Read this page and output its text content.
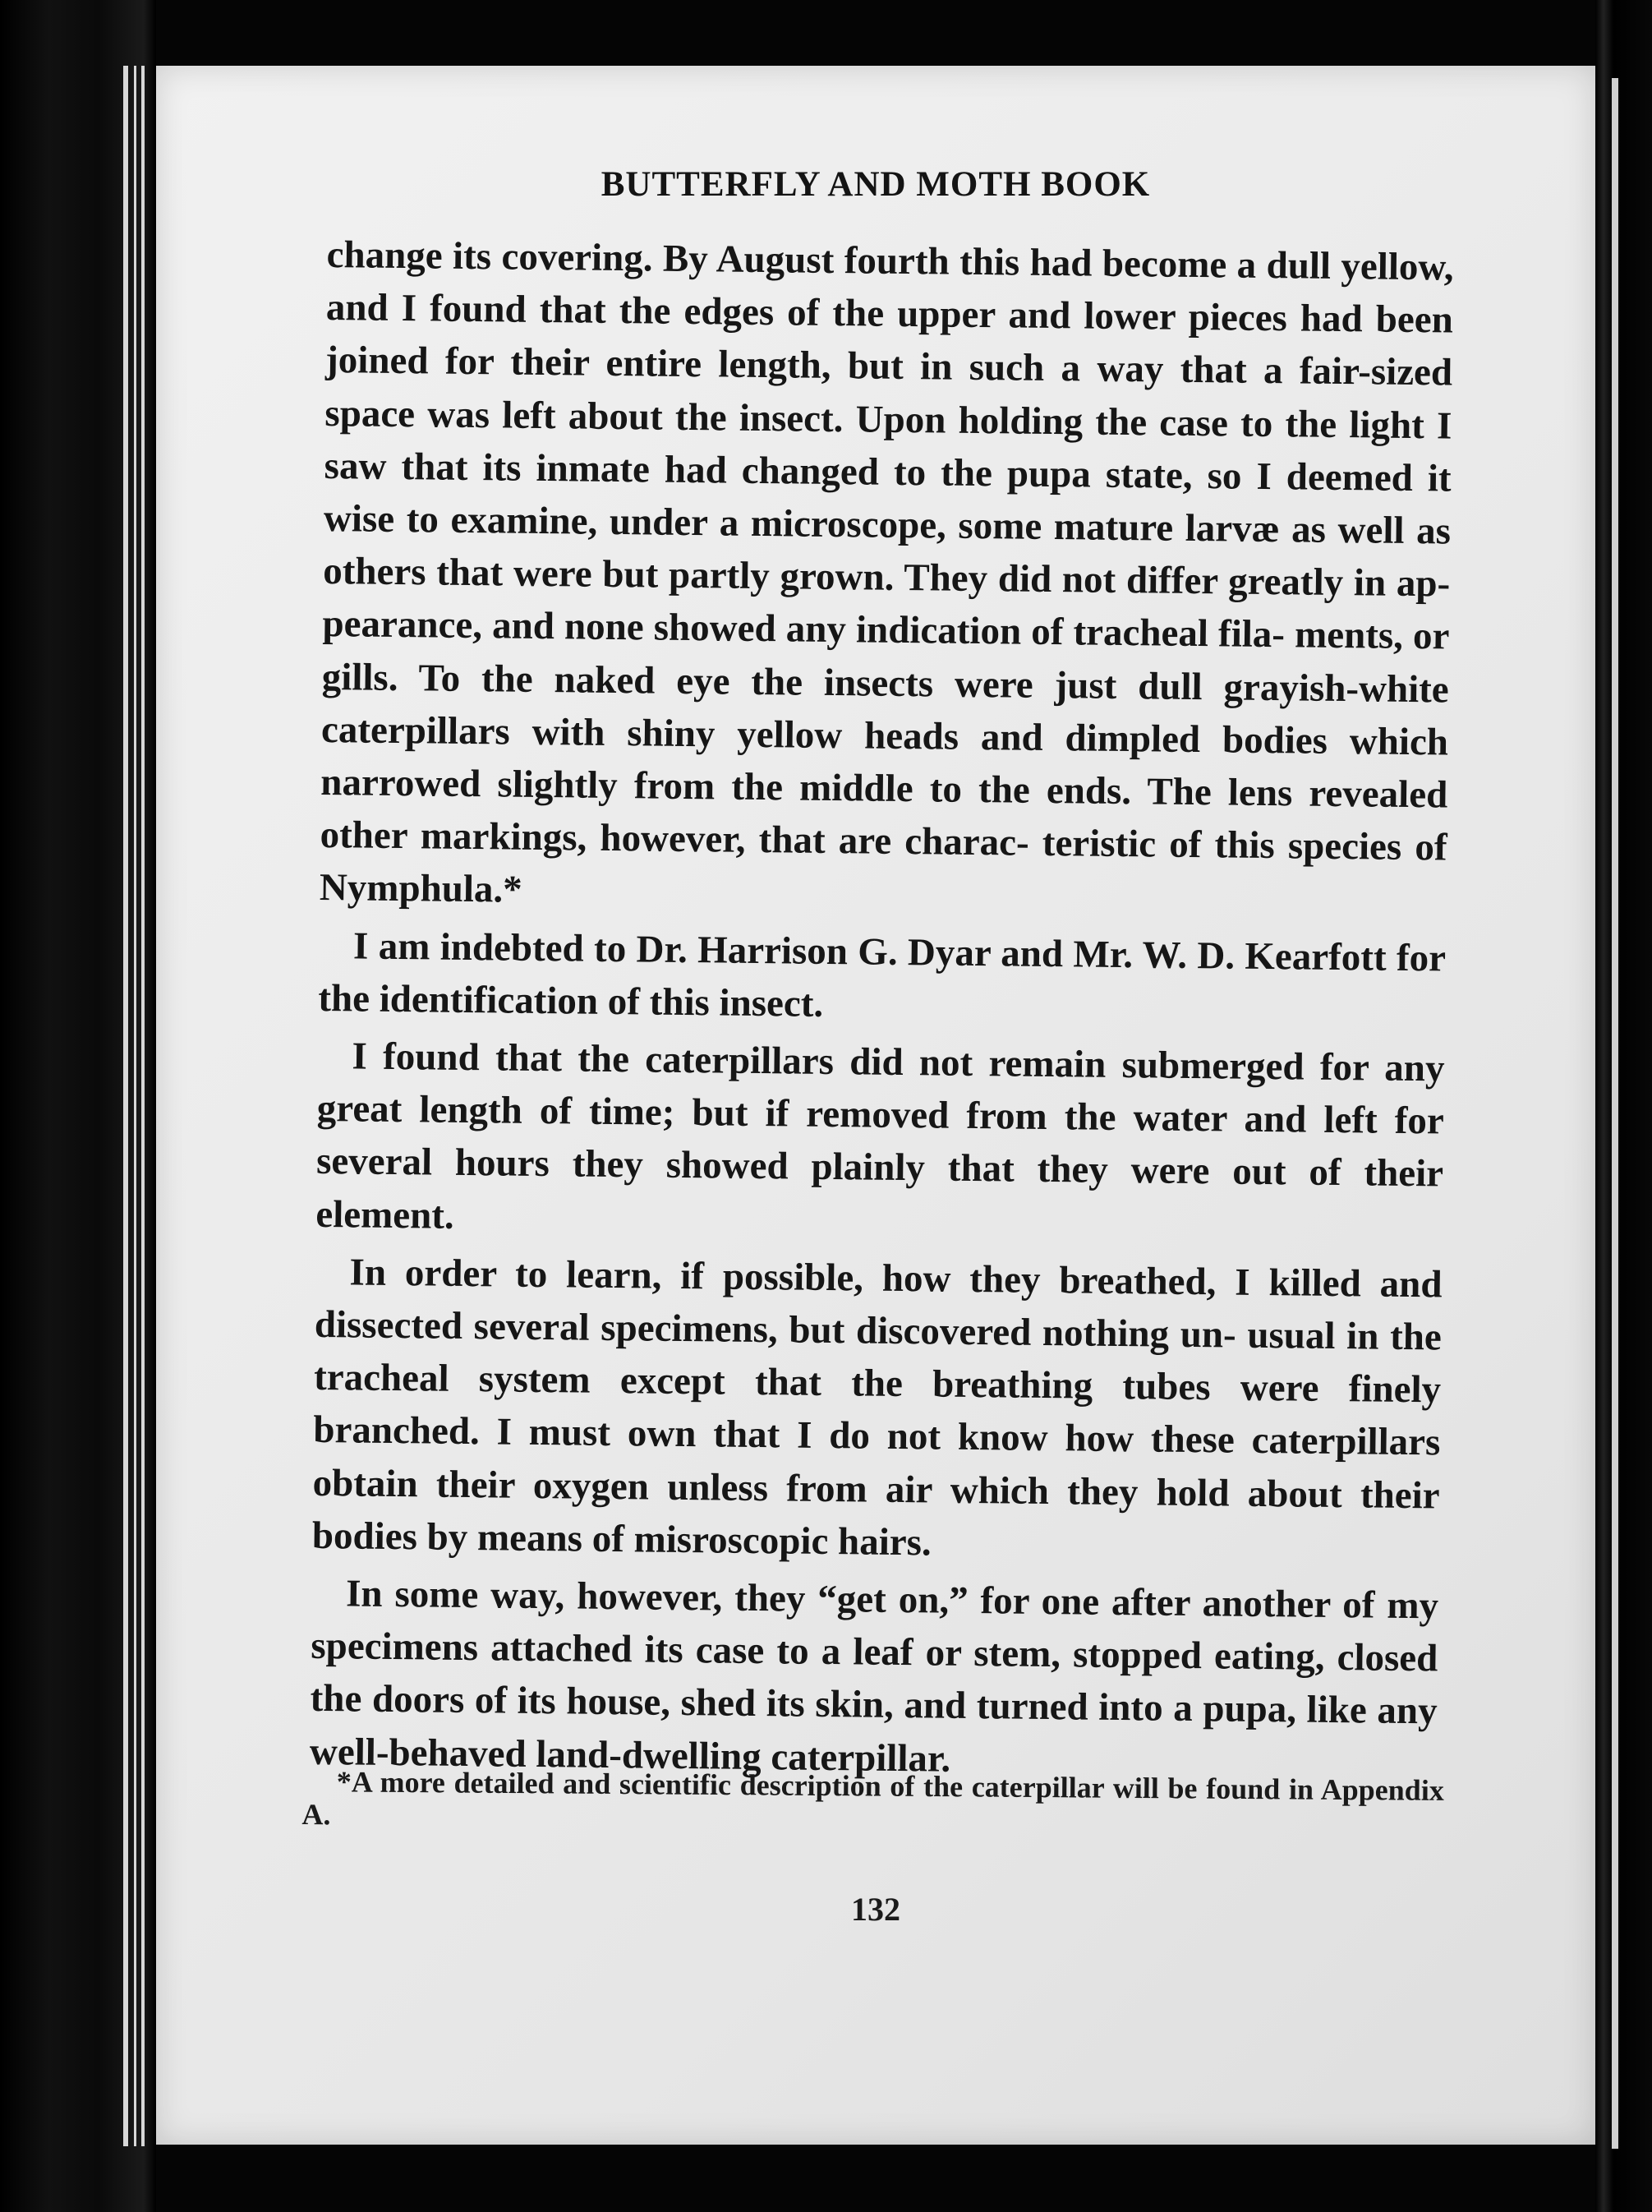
BUTTERFLY AND MOTH BOOK

change its covering. By August fourth this had become a dull yellow, and I found that the edges of the upper and lower pieces had been joined for their entire length, but in such a way that a fair-sized space was left about the insect. Upon holding the case to the light I saw that its inmate had changed to the pupa state, so I deemed it wise to examine, under a microscope, some mature larvæ as well as others that were but partly grown. They did not differ greatly in ap- pearance, and none showed any indication of tracheal fila- ments, or gills. To the naked eye the insects were just dull grayish-white caterpillars with shiny yellow heads and dimpled bodies which narrowed slightly from the middle to the ends. The lens revealed other markings, however, that are charac- teristic of this species of Nymphula.*

I am indebted to Dr. Harrison G. Dyar and Mr. W. D. Kearfott for the identification of this insect.

I found that the caterpillars did not remain submerged for any great length of time; but if removed from the water and left for several hours they showed plainly that they were out of their element.

In order to learn, if possible, how they breathed, I killed and dissected several specimens, but discovered nothing un- usual in the tracheal system except that the breathing tubes were finely branched. I must own that I do not know how these caterpillars obtain their oxygen unless from air which they hold about their bodies by means of misroscopic hairs.

In some way, however, they “get on,” for one after another of my specimens attached its case to a leaf or stem, stopped eating, closed the doors of its house, shed its skin, and turned into a pupa, like any well-behaved land-dwelling caterpillar.

*A more detailed and scientific description of the caterpillar will be found in Appendix A.
132
